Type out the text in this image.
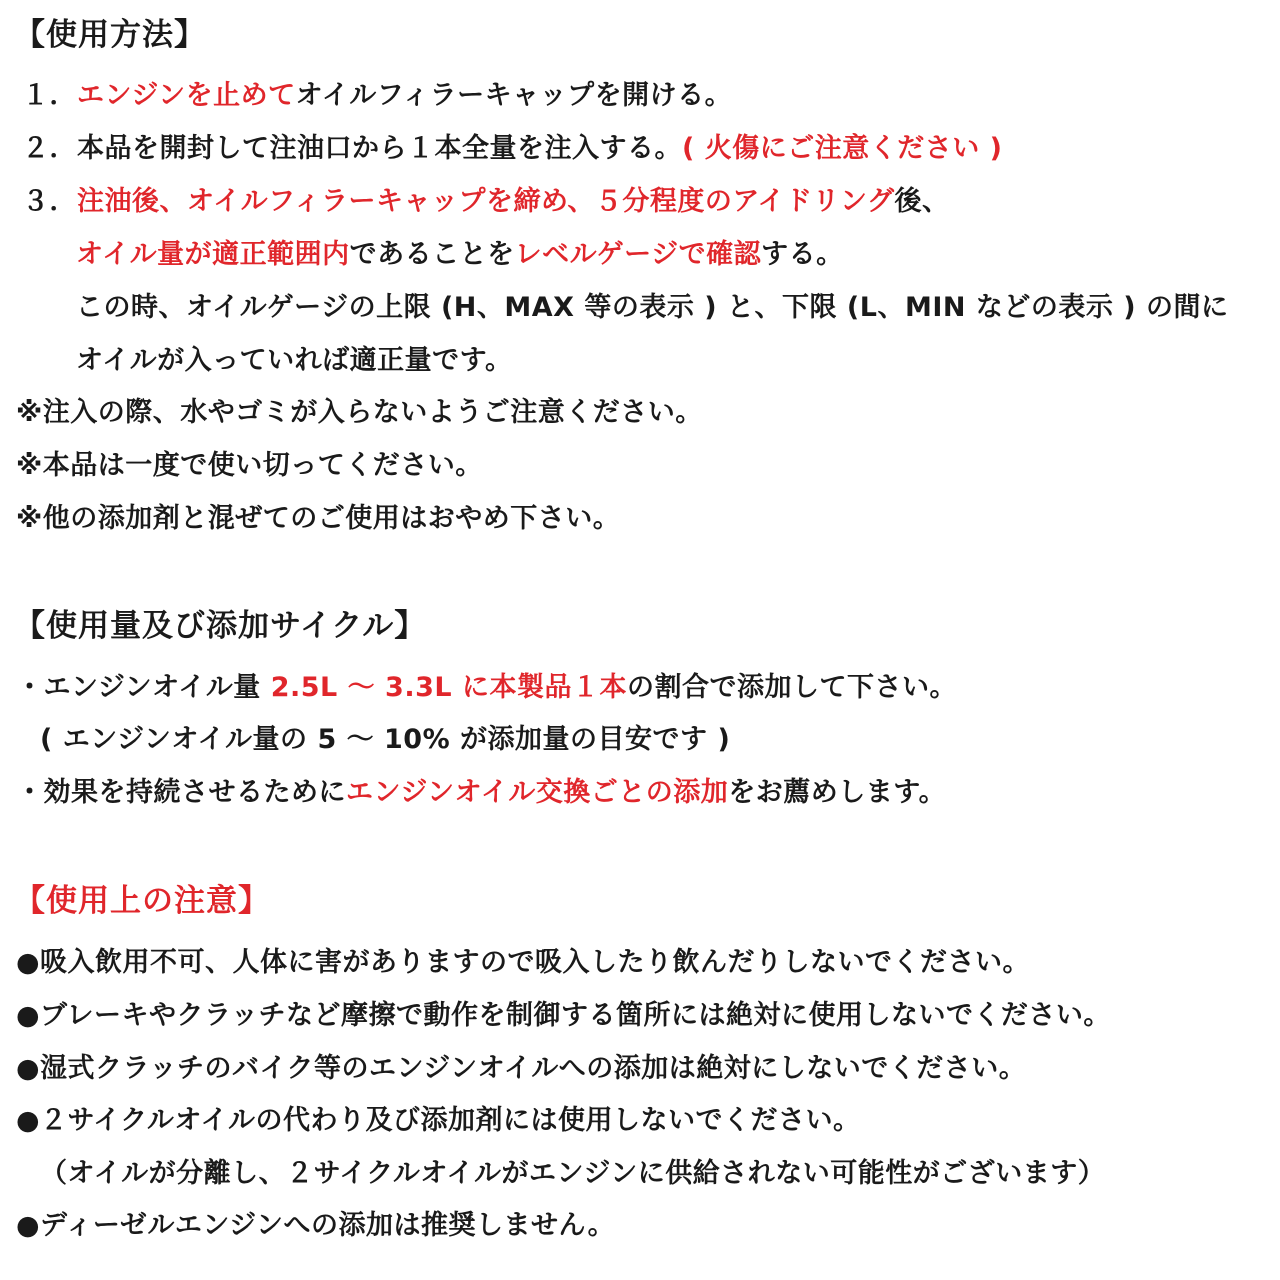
【使用方法】
１．エンジンを止めてオイルフィラーキャップを開ける。
２．本品を開封して注油口から１本全量を注入する。( 火傷にご注意ください )
３．注油後、オイルフィラーキャップを締め、５分程度のアイドリング後、
オイル量が適正範囲内であることをレベルゲージで確認する。
この時、オイルゲージの上限 (H、MAX 等の表示 ) と、下限 (L、MIN などの表示 ) の間に
オイルが入っていれば適正量です。
※注入の際、水やゴミが入らないようご注意ください。
※本品は一度で使い切ってください。
※他の添加剤と混ぜてのご使用はおやめ下さい。
【使用量及び添加サイクル】
・エンジンオイル量 2.5L ～ 3.3L に本製品１本の割合で添加して下さい。
( エンジンオイル量の 5 ～ 10% が添加量の目安です )
・効果を持続させるためにエンジンオイル交換ごとの添加をお薦めします。
【使用上の注意】
●吸入飲用不可、人体に害がありますので吸入したり飲んだりしないでください。
●ブレーキやクラッチなど摩擦で動作を制御する箇所には絶対に使用しないでください。
●湿式クラッチのバイク等のエンジンオイルへの添加は絶対にしないでください。
●２サイクルオイルの代わり及び添加剤には使用しないでください。
（オイルが分離し、２サイクルオイルがエンジンに供給されない可能性がございます）
●ディーゼルエンジンへの添加は推奨しません。
